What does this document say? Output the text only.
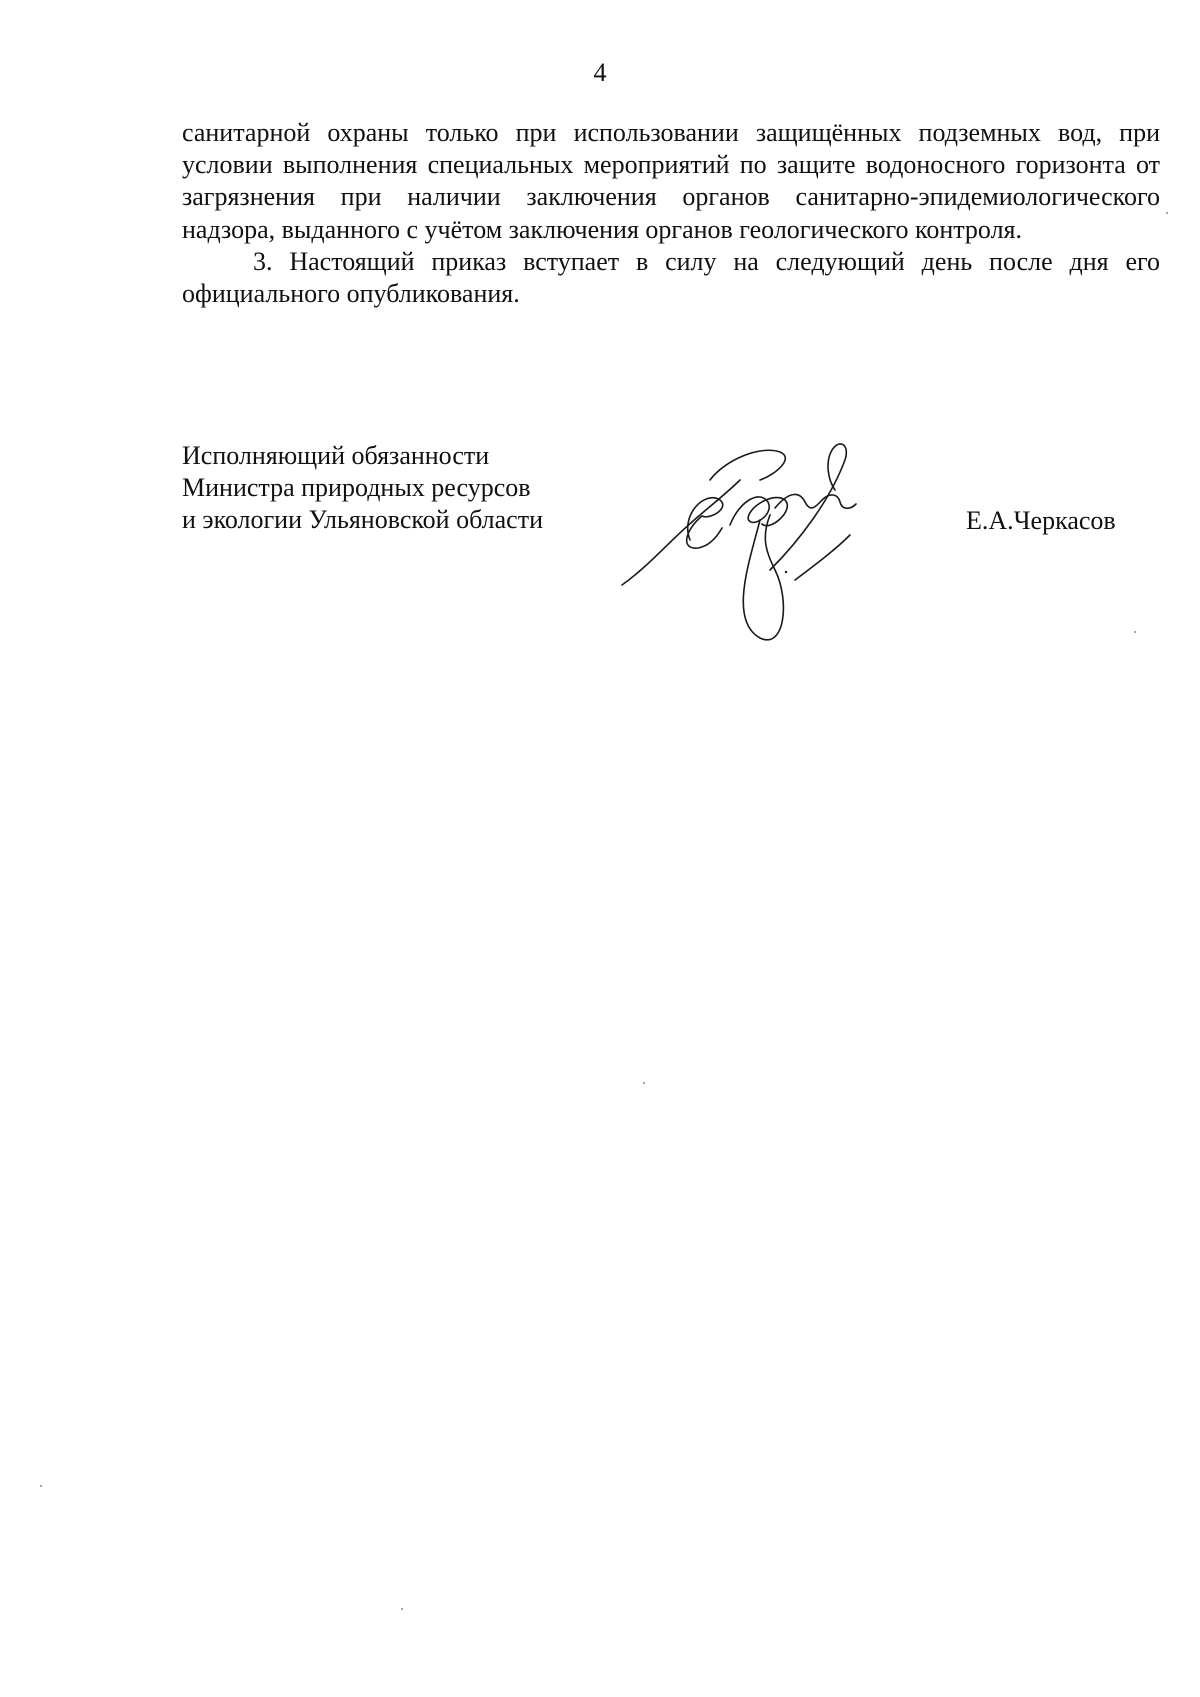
4

санитарной охраны только при использовании защищённых подземных вод, при условии выполнения специальных мероприятий по защите водоносного горизонта от загрязнения при наличии заключения органов санитарно-эпидемиологического надзора, выданного с учётом заключения органов геологического контроля.

3. Настоящий приказ вступает в силу на следующий день после дня его официального опубликования.

Исполняющий обязанности
Министра природных ресурсов
и экологии Ульяновской области	Е.А.Черкасов
